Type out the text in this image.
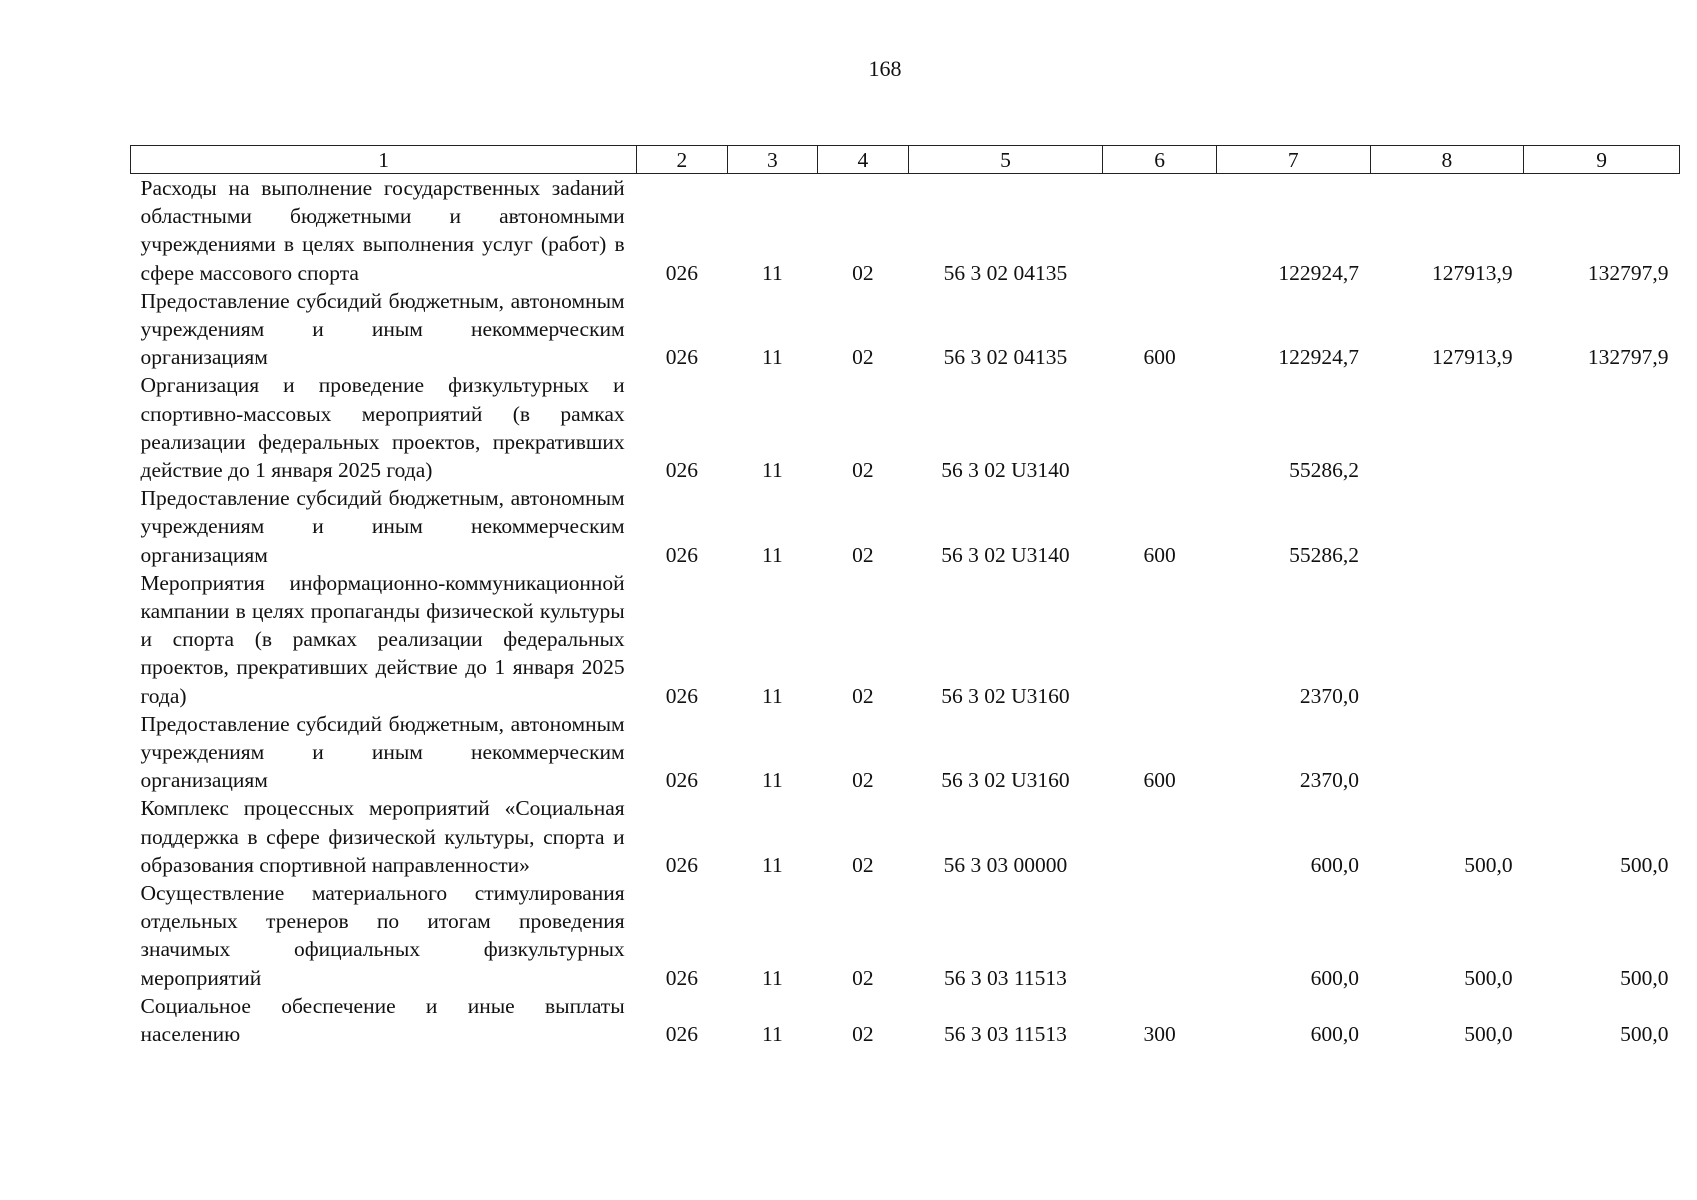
168
1	2	3	4	5	6	7	8	9
Расходы на выполнение государственных заdаний областными бюджетными и автономными учреждениями в целях выполнения услуг (работ) в сфере массового спорта	026	11	02	56 3 02 04135		122924,7	127913,9	132797,9
Предоставление субсидий бюджетным, автономным учреждениям и иным некоммерческим организациям	026	11	02	56 3 02 04135	600	122924,7	127913,9	132797,9
Организация и проведение физкультурных и спортивно-массовых мероприятий (в рамках реализации федеральных проектов, прекративших действие до 1 января 2025 года)	026	11	02	56 3 02 U3140		55286,2		
Предоставление субсидий бюджетным, автономным учреждениям и иным некоммерческим организациям	026	11	02	56 3 02 U3140	600	55286,2		
Мероприятия информационно-коммуникационной кампании в целях пропаганды физической культуры и спорта (в рамках реализации федеральных проектов, прекративших действие до 1 января 2025 года)	026	11	02	56 3 02 U3160		2370,0		
Предоставление субсидий бюджетным, автономным учреждениям и иным некоммерческим организациям	026	11	02	56 3 02 U3160	600	2370,0		
Комплекс процессных мероприятий «Социальная поддержка в сфере физической культуры, спорта и образования спортивной направленности»	026	11	02	56 3 03 00000		600,0	500,0	500,0
Осуществление материального стимулирования отдельных тренеров по итогам проведения значимых официальных физкультурных мероприятий	026	11	02	56 3 03 11513		600,0	500,0	500,0
Социальное обеспечение и иные выплаты населению	026	11	02	56 3 03 11513	300	600,0	500,0	500,0
